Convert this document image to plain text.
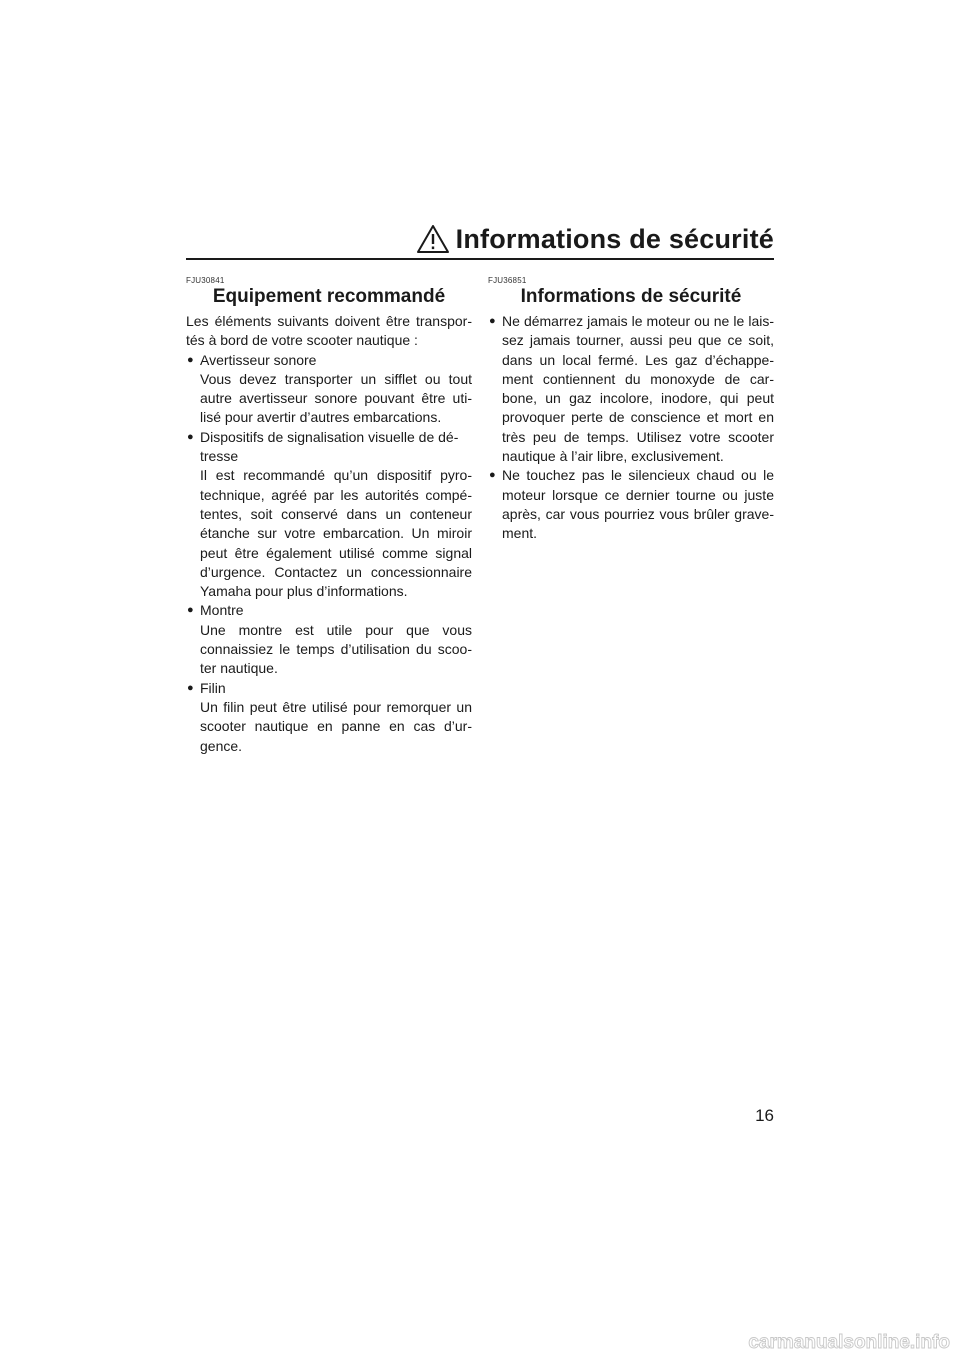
Informations de sécurité
FJU30841
Equipement recommandé

Les éléments suivants doivent être transpor-tés à bord de votre scooter nautique :

● Avertisseur sonore
Vous devez transporter un sifflet ou tout autre avertisseur sonore pouvant être uti-lisé pour avertir d’autres embarcations.
● Dispositifs de signalisation visuelle de dé-tresse
Il est recommandé qu’un dispositif pyro-technique, agréé par les autorités compé-tentes, soit conservé dans un conteneur étanche sur votre embarcation. Un miroir peut être également utilisé comme signal d’urgence. Contactez un concessionnaire Yamaha pour plus d’informations.
● Montre
Une montre est utile pour que vous connaissiez le temps d’utilisation du scoo-ter nautique.
● Filin
Un filin peut être utilisé pour remorquer un scooter nautique en panne en cas d’ur-gence.
FJU36851
Informations de sécurité
● Ne démarrez jamais le moteur ou ne le lais-sez jamais tourner, aussi peu que ce soit, dans un local fermé. Les gaz d’échappe-ment contiennent du monoxyde de car-bone, un gaz incolore, inodore, qui peut provoquer perte de conscience et mort en très peu de temps. Utilisez votre scooter nautique à l’air libre, exclusivement.
● Ne touchez pas le silencieux chaud ou le moteur lorsque ce dernier tourne ou juste après, car vous pourriez vous brûler grave-ment.
16
carmanualsonline.info
